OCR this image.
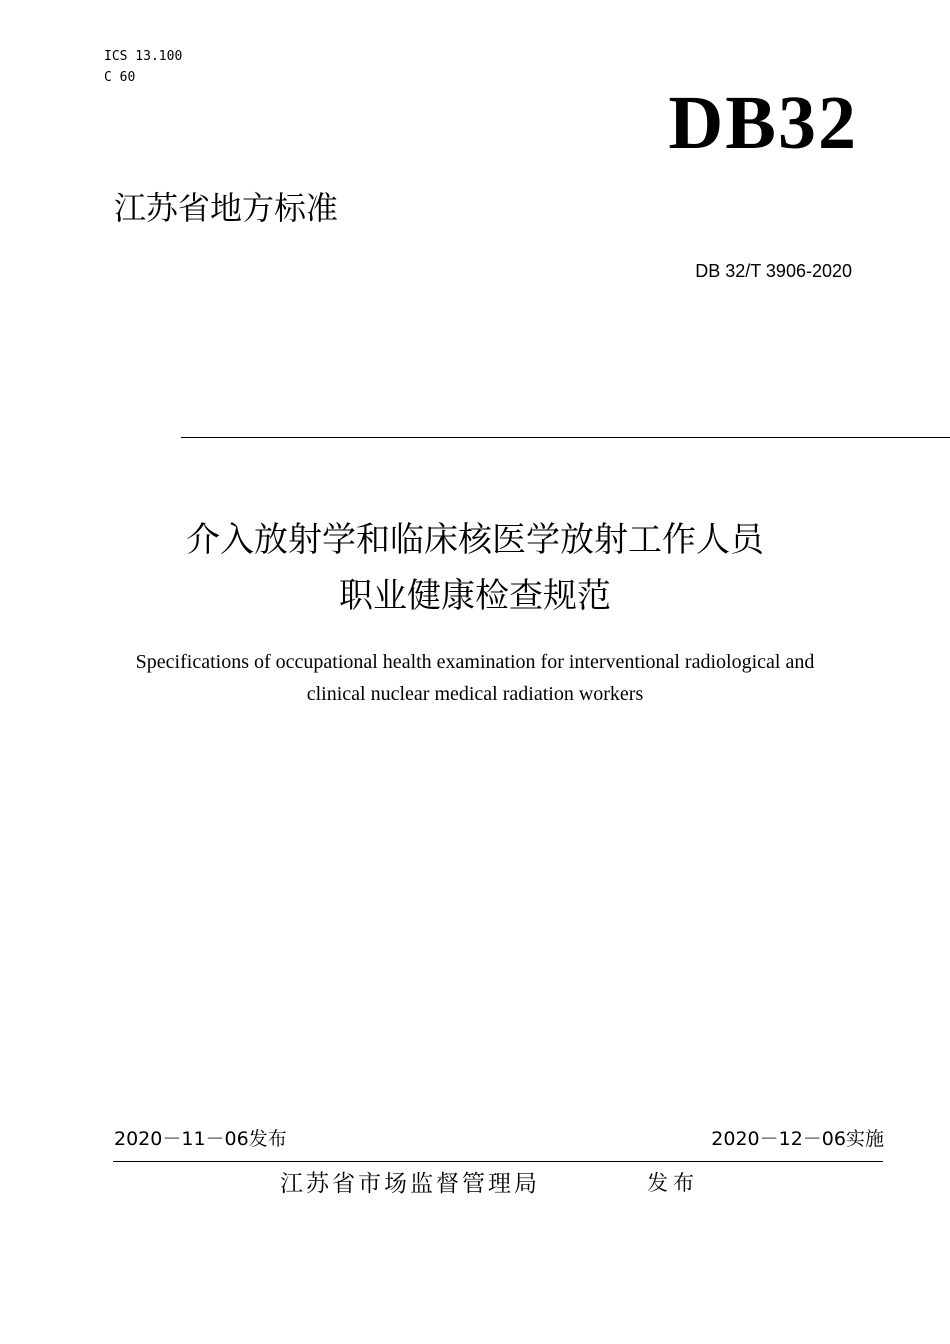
ICS 13.100
C 60
DB32
江苏省地方标准
DB 32/T 3906-2020
介入放射学和临床核医学放射工作人员
职业健康检查规范
Specifications of occupational health examination for interventional radiological and
clinical nuclear medical radiation workers
2020－11－06发布	2020－12－06实施
江苏省市场监督管理局	发布
